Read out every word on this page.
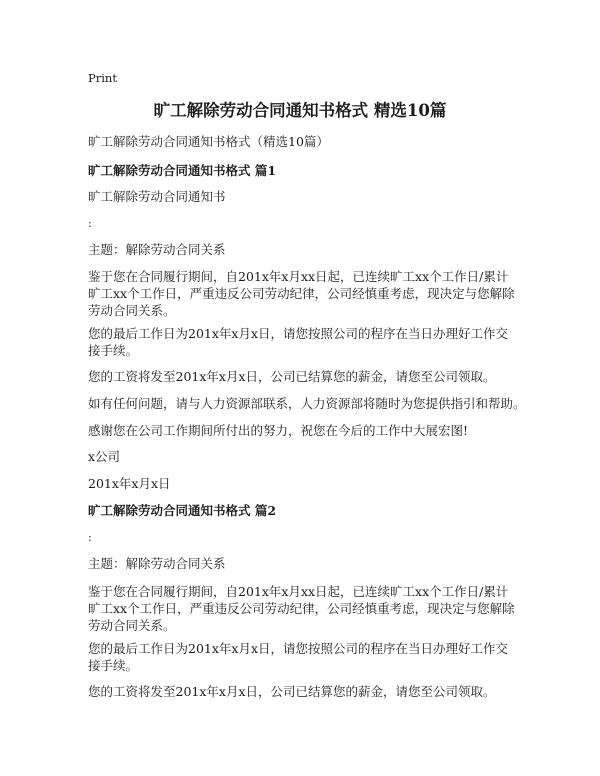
Print
旷工解除劳动合同通知书格式 精选10篇
旷工解除劳动合同通知书格式（精选10篇）
旷工解除劳动合同通知书格式 篇1
旷工解除劳动合同通知书
:
主题：解除劳动合同关系
鉴于您在合同履行期间，自201x年x月xx日起，已连续旷工xx个工作日/累计旷工xx个工作日，严重违反公司劳动纪律，公司经慎重考虑，现决定与您解除劳动合同关系。
您的最后工作日为201x年x月x日，请您按照公司的程序在当日办理好工作交接手续。
您的工资将发至201x年x月x日，公司已结算您的薪金，请您至公司领取。
如有任何问题，请与人力资源部联系，人力资源部将随时为您提供指引和帮助。
感谢您在公司工作期间所付出的努力，祝您在今后的工作中大展宏图!
x公司
201x年x月x日
旷工解除劳动合同通知书格式 篇2
:
主题：解除劳动合同关系
鉴于您在合同履行期间，自201x年x月xx日起，已连续旷工xx个工作日/累计旷工xx个工作日，严重违反公司劳动纪律，公司经慎重考虑，现决定与您解除劳动合同关系。
您的最后工作日为201x年x月x日，请您按照公司的程序在当日办理好工作交接手续。
您的工资将发至201x年x月x日，公司已结算您的薪金，请您至公司领取。
